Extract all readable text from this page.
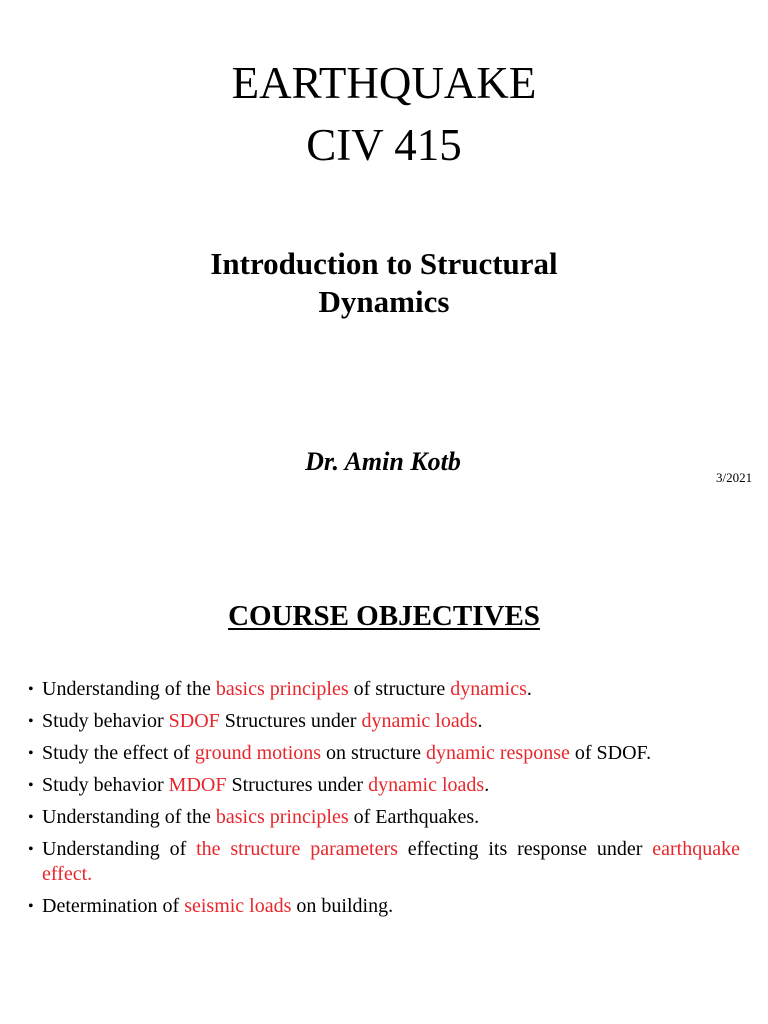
EARTHQUAKE
CIV 415
Introduction to Structural
Dynamics
Dr. Amin Kotb
3/2021
COURSE OBJECTIVES
• Understanding of the basics principles of structure dynamics.
• Study behavior SDOF Structures under dynamic loads.
• Study the effect of ground motions on structure dynamic response of SDOF.
• Study behavior MDOF Structures under dynamic loads.
• Understanding of the basics principles of Earthquakes.
• Understanding of the structure parameters effecting its response under earthquake effect.
• Determination of seismic loads on building.
